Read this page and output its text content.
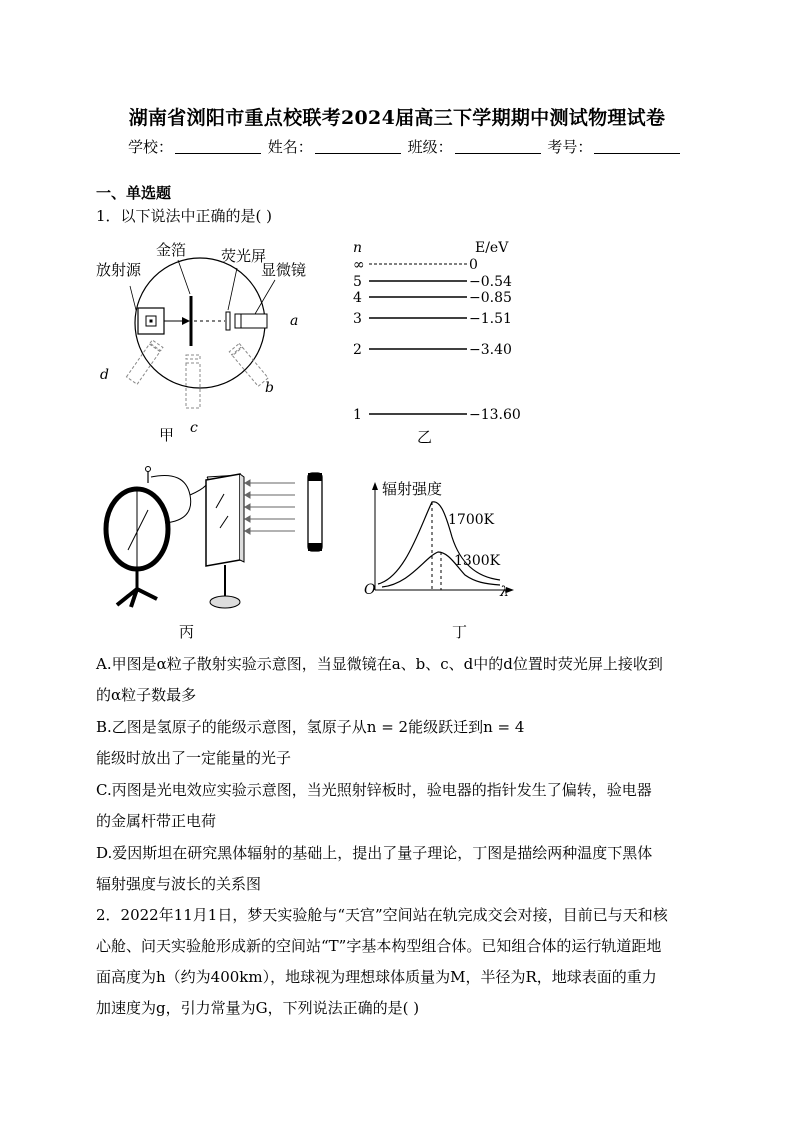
湖南省浏阳市重点校联考2024届高三下学期期中测试物理试卷
学校：	姓名：	班级：	考号：
一、单选题
1．以下说法中正确的是( )
放射源
金箔 荧光屏
显微镜
a
b
c
d
甲
n	E/eV
∞	0
5	−0.54
4	−0.85
3	−1.51
2	−3.40
1	−13.60
乙
丙
辐射强度
1700K
1300K
O	λ
丁
A.甲图是α粒子散射实验示意图，当显微镜在a、b、c、d中的d位置时荧光屏上接收到
的α粒子数最多
B.乙图是氢原子的能级示意图，氢原子从n = 2能级跃迁到n = 4
能级时放出了一定能量的光子
C.丙图是光电效应实验示意图，当光照射锌板时，验电器的指针发生了偏转，验电器
的金属杆带正电荷
D.爱因斯坦在研究黑体辐射的基础上，提出了量子理论，丁图是描绘两种温度下黑体
辐射强度与波长的关系图
2．2022年11月1日，梦天实验舱与“天宫”空间站在轨完成交会对接，目前已与天和核
心舱、问天实验舱形成新的空间站“T”字基本构型组合体。已知组合体的运行轨道距地
面高度为h（约为400km），地球视为理想球体质量为M，半径为R，地球表面的重力
加速度为g，引力常量为G，下列说法正确的是( )
